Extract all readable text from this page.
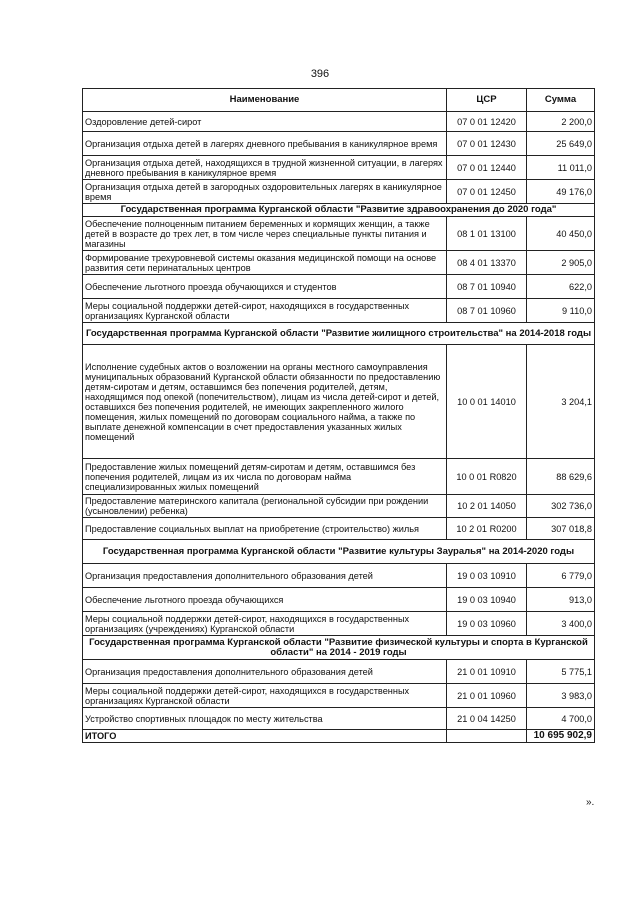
396
Наименование	ЦСР	Сумма
Оздоровление детей-сирот	07 0 01 12420	2 200,0
Организация отдыха детей в лагерях дневного пребывания в каникулярное время	07 0 01 12430	25 649,0
Организация отдыха детей, находящихся в трудной жизненной ситуации, в лагерях дневного пребывания в каникулярное время	07 0 01 12440	11 011,0
Организация отдыха детей в загородных оздоровительных лагерях в каникулярное время	07 0 01 12450	49 176,0
Государственная программа Курганской области "Развитие здравоохранения до 2020 года"		
Обеспечение полноценным питанием беременных и кормящих женщин, а также детей в возрасте до трех лет, в том числе через специальные пункты питания и магазины	08 1 01 13100	40 450,0
Формирование трехуровневой системы оказания медицинской помощи на основе развития сети перинатальных центров	08 4 01 13370	2 905,0
Обеспечение льготного проезда обучающихся и студентов	08 7 01 10940	622,0
Меры социальной поддержки детей-сирот, находящихся в государственных организациях Курганской области	08 7 01 10960	9 110,0
Государственная программа Курганской области "Развитие жилищного строительства" на 2014-2018 годы		
Исполнение судебных актов о возложении на органы местного самоуправления муниципальных образований Курганской области обязанности по предоставлению детям-сиротам и детям, оставшимся без попечения родителей, детям, находящимся под опекой (попечительством), лицам из числа детей-сирот и детей, оставшихся без попечения родителей, не имеющих закрепленного жилого помещения, жилых помещений по договорам социального найма, а также по выплате денежной компенсации в счет предоставления указанных жилых помещений	10 0 01 14010	3 204,1
Предоставление жилых помещений детям-сиротам и детям, оставшимся без попечения родителей, лицам из их числа по договорам найма специализированных жилых помещений	10 0 01 R0820	88 629,6
Предоставление материнского капитала (региональной субсидии при рождении (усыновлении) ребенка)	10 2 01 14050	302 736,0
Предоставление социальных выплат на приобретение (строительство) жилья	10 2 01 R0200	307 018,8
Государственная программа Курганской области "Развитие культуры Зауралья" на 2014-2020 годы		
Организация предоставления дополнительного образования детей	19 0 03 10910	6 779,0
Обеспечение льготного проезда обучающихся	19 0 03 10940	913,0
Меры социальной поддержки детей-сирот, находящихся в государственных организациях (учреждениях) Курганской области	19 0 03 10960	3 400,0
Государственная программа Курганской области "Развитие физической культуры и спорта в Курганской области" на 2014 - 2019 годы		
Организация предоставления дополнительного образования детей	21 0 01 10910	5 775,1
Меры социальной поддержки детей-сирот, находящихся в государственных организациях Курганской области	21 0 01 10960	3 983,0
Устройство спортивных площадок по месту жительства	21 0 04 14250	4 700,0
ИТОГО		10 695 902,9
».
